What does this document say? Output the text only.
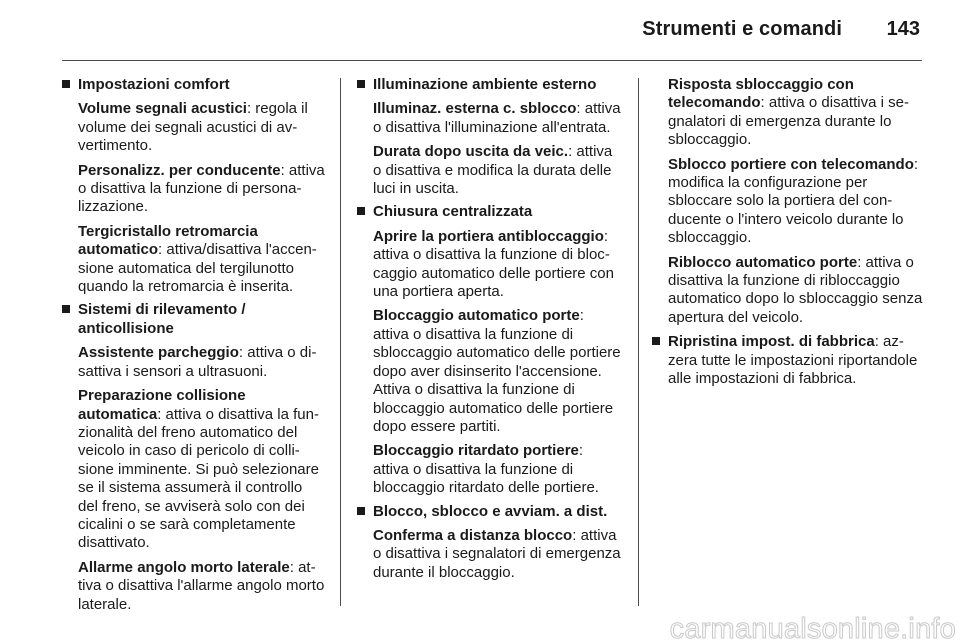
Strumenti e comandi 143
Impostazioni comfort
Volume segnali acustici: regola il volume dei segnali acustici di avvertimento.
Personalizz. per conducente: attiva o disattiva la funzione di personalizzazione.
Tergicristallo retromarcia automatico: attiva/disattiva l'accensione automatica del tergilunotto quando la retromarcia è inserita.
Sistemi di rilevamento / anticollisione
Assistente parcheggio: attiva o disattiva i sensori a ultrasuoni.
Preparazione collisione automatica: attiva o disattiva la funzionalità del freno automatico del veicolo in caso di pericolo di collisione imminente. Si può selezionare se il sistema assumerà il controllo del freno, se avviserà solo con dei cicalini o se sarà completamente disattivato.
Allarme angolo morto laterale: attiva o disattiva l'allarme angolo morto laterale.
Illuminazione ambiente esterno
Illuminaz. esterna c. sblocco: attiva o disattiva l'illuminazione all'entrata.
Durata dopo uscita da veic.: attiva o disattiva e modifica la durata delle luci in uscita.
Chiusura centralizzata
Aprire la portiera antibloccaggio: attiva o disattiva la funzione di bloccaggio automatico delle portiere con una portiera aperta.
Bloccaggio automatico porte: attiva o disattiva la funzione di sbloccaggio automatico delle portiere dopo aver disinserito l'accensione. Attiva o disattiva la funzione di bloccaggio automatico delle portiere dopo essere partiti.
Bloccaggio ritardato portiere: attiva o disattiva la funzione di bloccaggio ritardato delle portiere.
Blocco, sblocco e avviam. a dist.
Conferma a distanza blocco: attiva o disattiva i segnalatori di emergenza durante il bloccaggio.
Risposta sbloccaggio con telecomando: attiva o disattiva i segnalatori di emergenza durante lo sbloccaggio.
Sblocco portiere con telecomando: modifica la configurazione per sbloccare solo la portiera del conducente o l'intero veicolo durante lo sbloccaggio.
Riblocco automatico porte: attiva o disattiva la funzione di ribloccaggio automatico dopo lo sbloccaggio senza apertura del veicolo.
Ripristina impost. di fabbrica: azzera tutte le impostazioni riportandole alle impostazioni di fabbrica.
carmanualsonline.info
